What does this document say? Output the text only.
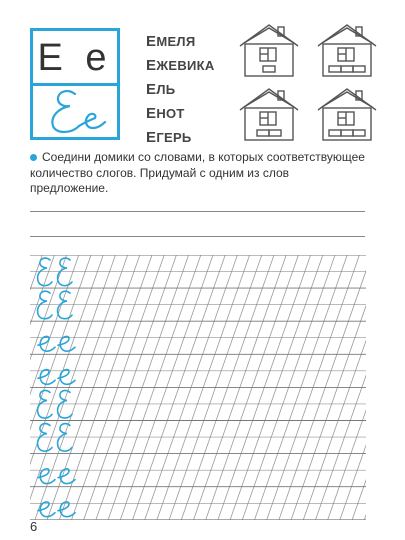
Е е ЕМЕЛЯ
ЕЖЕВИКА
ЕЛЬ
ЕНОТ
ЕГЕРЬ
Соедини домики со словами, в которых соответствующее количество слогов. Придумай с одним из слов предложение.
6
